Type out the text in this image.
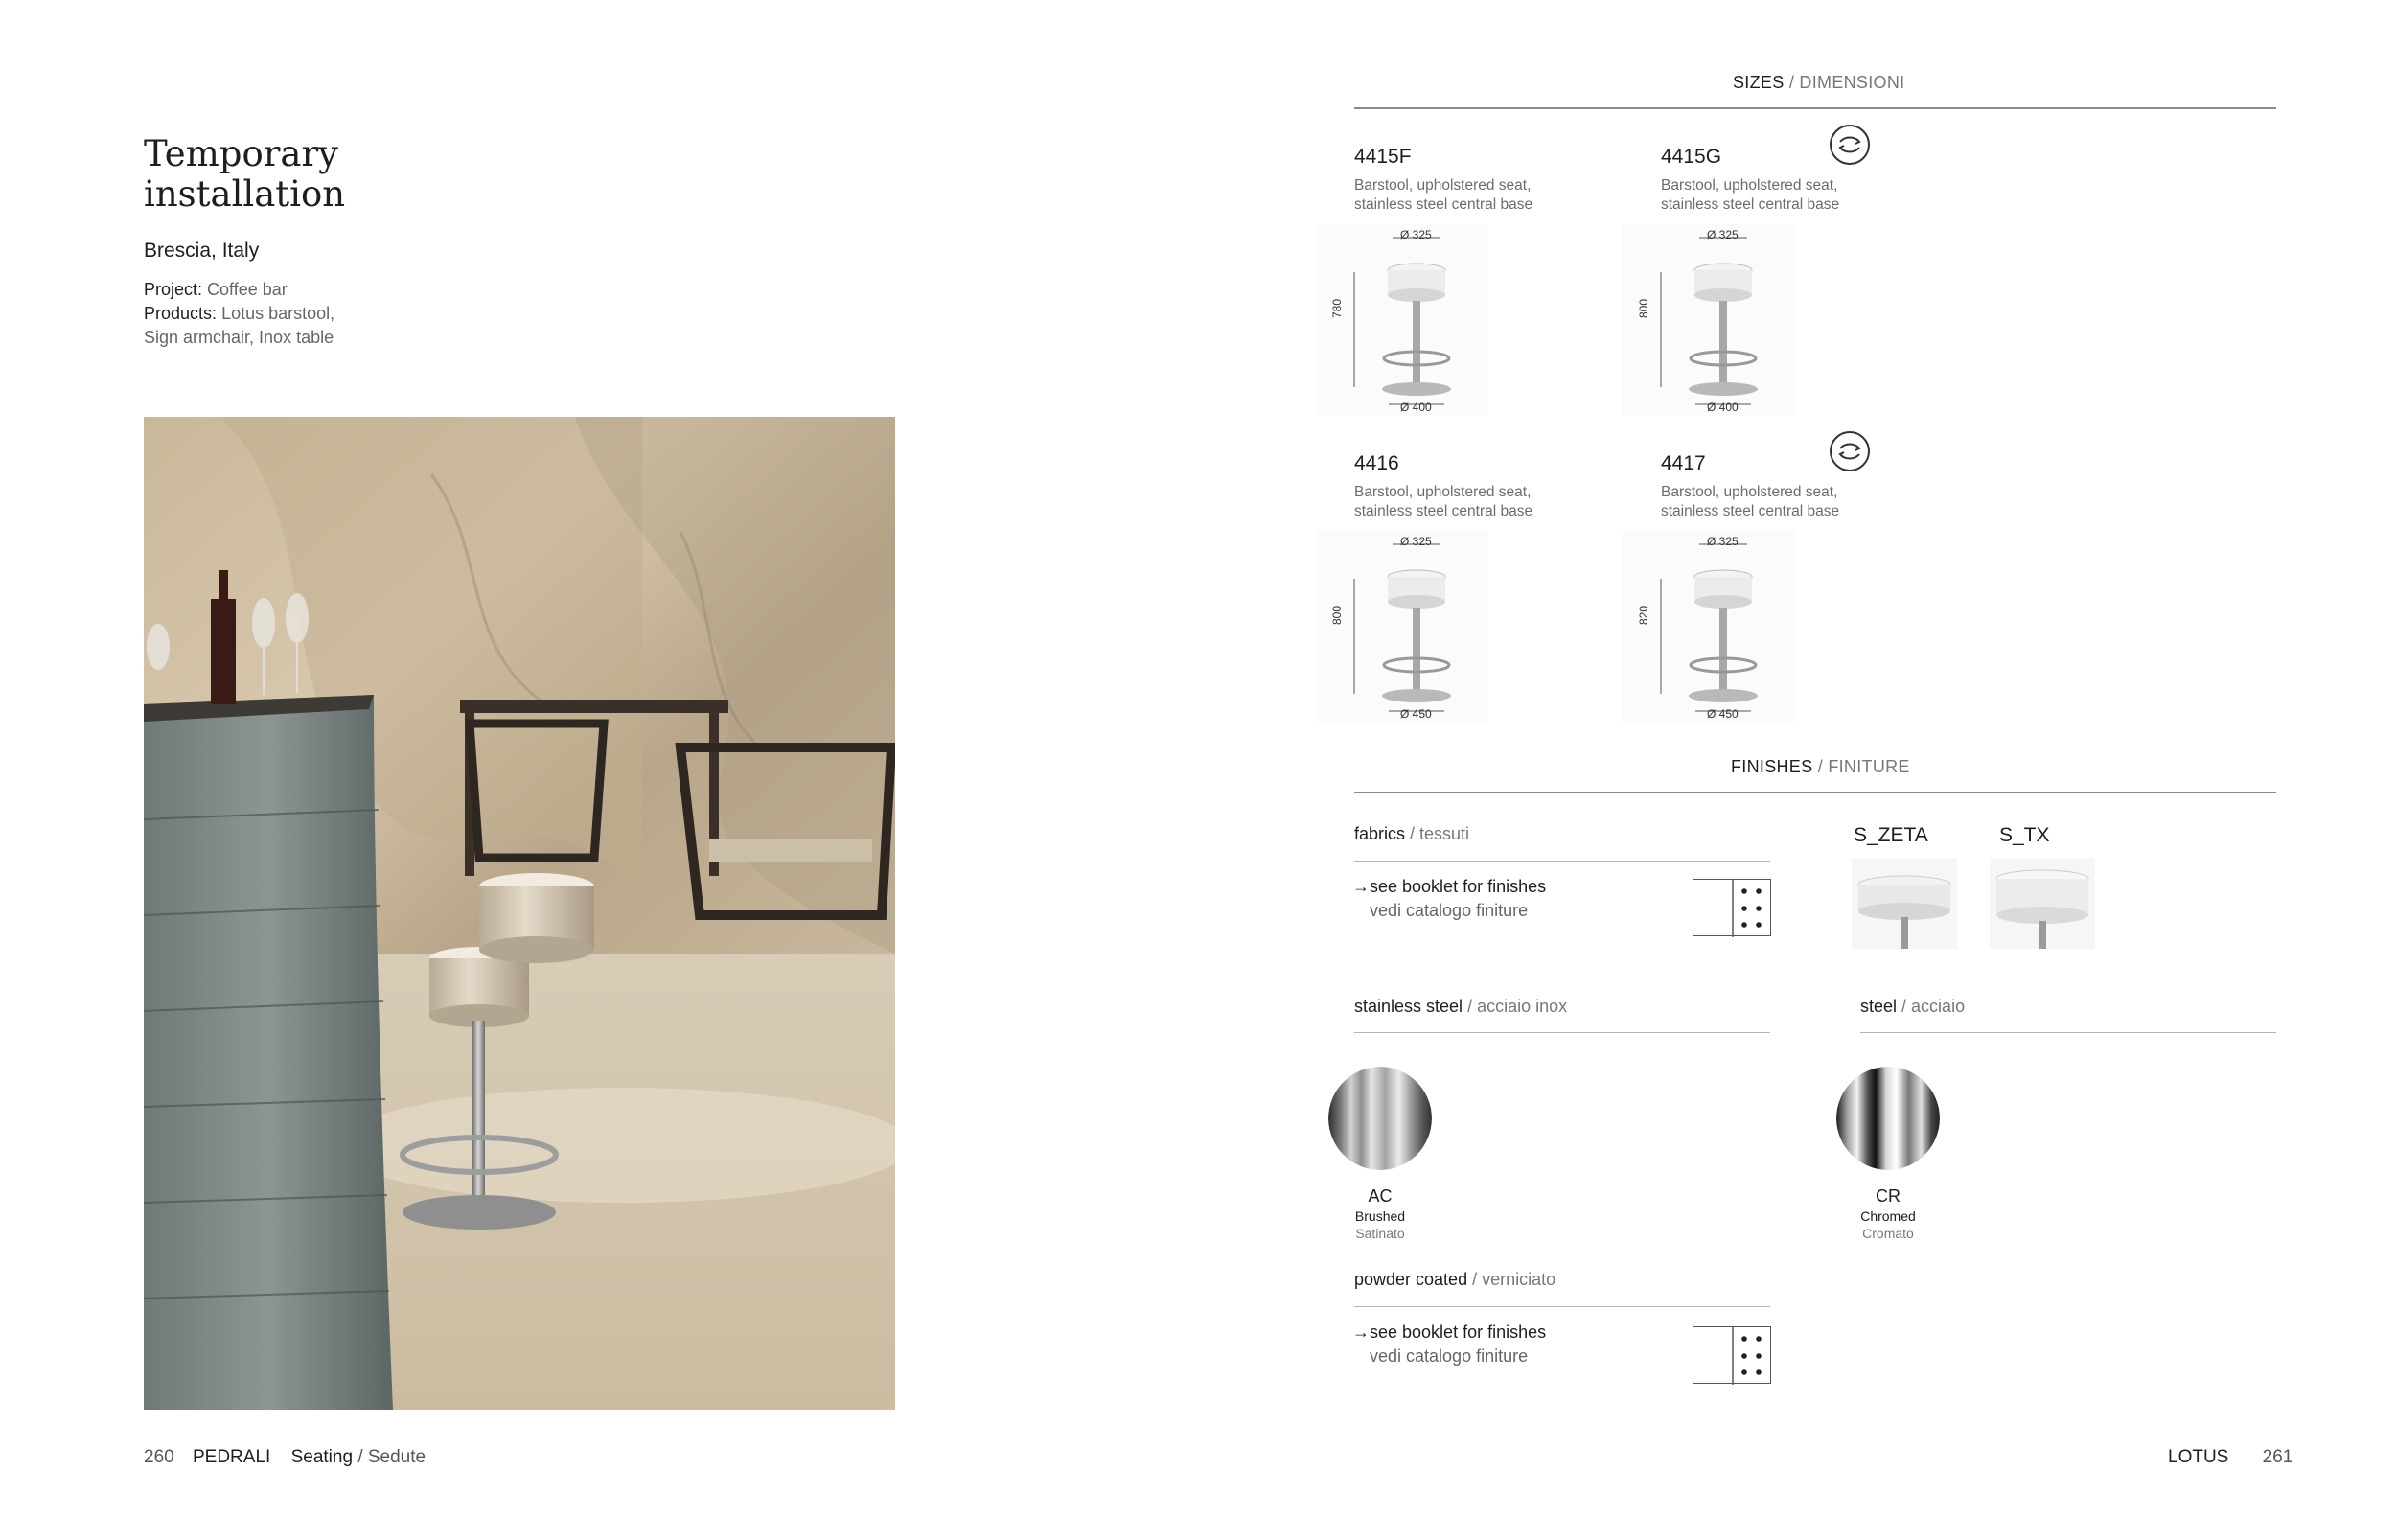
Temporary
installation
Brescia, Italy
Project: Coffee bar
Products: Lotus barstool,
Sign armchair, Inox table
SIZES / DIMENSIONI
4415F
Barstool, upholstered seat,
stainless steel central base
Ø 325
780
Ø 400
4415G
Barstool, upholstered seat,
stainless steel central base
Ø 325
800
Ø 400
4416
Barstool, upholstered seat,
stainless steel central base
Ø 325
800
Ø 450
4417
Barstool, upholstered seat,
stainless steel central base
Ø 325
820
Ø 450
FINISHES / FINITURE
fabrics / tessuti
→see booklet for finishes
vedi catalogo finiture
S_ZETA	S_TX
stainless steel / acciaio inox
AC
Brushed
Satinato
steel / acciaio
CR
Chromed
Cromato
powder coated / verniciato
→see booklet for finishes
vedi catalogo finiture
260 PEDRALI Seating / Sedute	LOTUS 261
